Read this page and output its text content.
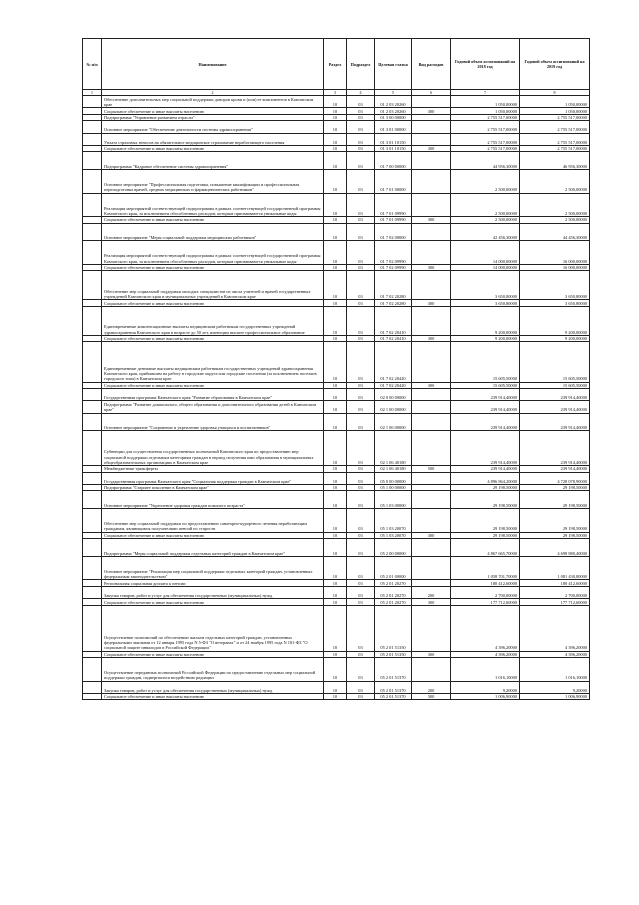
№ п/п	Наименование	Раздел	Подраздел	Целевая статья	Вид расходов	Годовой объем ассигнований на 2018 год	Годовой объем ассигнований на 2019 год
1	2	3	4	5	6	7	8
	Обеспечение дополнительных мер социальной поддержки доноров крови и (или) ее компонентов в Камчатском крае	10	03	01 2 03 20260		1 050,00000	1 050,00000
	Социальное обеспечение и иные выплаты населению	10	03	01 2 03 20260	300	1 050,00000	1 050,00000
	Подпрограмма "Управление развитием отрасли"	10	03	01 3 00 00000		2 755 517,00000	2 755 517,00000
	Основное мероприятие "Обеспечение деятельности системы здравоохранения"	10	03	01 3 01 00000		2 755 517,00000	2 755 517,00000
	Уплата страховых взносов на обязательное медицинское страхование неработающего населения	10	03	01 3 01 10150		2 755 517,00000	2 755 517,00000
	Социальное обеспечение и иные выплаты населению	10	03	01 3 01 10150	300	2 755 517,00000	2 755 517,00000
	Подпрограмма "Кадровое обеспечение системы здравоохранения"	10	03	01 7 00 00000		44 956,30000	46 956,30000
	Основное мероприятие "Профессиональная подготовка, повышение квалификации и профессиональная переподготовка врачей, средних медицинских и фармацевтических работников"	10	03	01 7 01 00000		2 500,00000	2 500,00000
	Реализация мероприятий соответствующей подпрограммы в рамках соответствующей государственной программы Камчатского края, за исключением обособленных расходов, которым присваиваются уникальные коды	10	03	01 7 01 09990		2 500,00000	2 500,00000
	Социальное обеспечение и иные выплаты населению	10	03	01 7 01 09990	300	2 500,00000	2 500,00000
	Основное мероприятие "Меры социальной поддержки медицинских работников"	10	03	01 7 02 00000		42 456,30000	44 456,30000
	Реализация мероприятий соответствующей подпрограммы в рамках соответствующей государственной программы Камчатского края, за исключением обособленных расходов, которым присваиваются уникальные коды	10	03	01 7 02 09990		14 000,00000	16 000,00000
	Социальное обеспечение и иные выплаты населению	10	03	01 7 02 09990	300	14 000,00000	16 000,00000
	Обеспечение мер социальной поддержки молодых специалистов из числа учителей и врачей государственных учреждений Камчатского края и муниципальных учреждений в Камчатском крае	10	03	01 7 02 20280		3 650,80000	3 650,80000
	Социальное обеспечение и иные выплаты населению	10	03	01 7 02 20280	300	3 650,80000	3 650,80000
	Единовременные компенсационные выплаты медицинским работникам государственных учреждений здравоохранения Камчатского края в возрасте до 50 лет, имеющим высшее профессиональное образование	10	03	01 7 02 20410		9 200,00000	9 200,00000
	Социальное обеспечение и иные выплаты населению	10	03	01 7 02 20410	300	9 200,00000	9 200,00000
	Единовременные денежные выплаты медицинским работникам государственных учреждений здравоохранения Камчатского края, прибывшим на работу в городские округа или городские поселения (за исключением поселков городского типа) в Камчатском крае	10	03	01 7 02 20420		15 605,50000	15 605,50000
	Социальное обеспечение и иные выплаты населению	10	03	01 7 02 20420	300	15 605,50000	15 605,50000
	Государственная программа Камчатского края "Развитие образования в Камчатском крае"	10	03	02 0 00 00000		239 914,40000	239 914,40000
	Подпрограмма "Развитие дошкольного, общего образования и дополнительного образования детей в Камчатском крае"	10	03	02 1 00 00000		239 914,40000	239 914,40000
	Основное мероприятие "Сохранение и укрепление здоровья учащихся и воспитанников"	10	03	02 1 06 00000		239 914,40000	239 914,40000
	Субвенции для осуществления государственных полномочий Камчатского края по предоставлению мер социальной поддержки отдельным категориям граждан в период получения ими образования в муниципальных общеобразовательных организациях в Камчатском крае	10	03	02 1 06 40180		239 914,40000	239 914,40000
	Межбюджетные трансферты	10	03	02 1 06 40180	500	239 914,40000	239 914,40000
	Государственная программа Камчатского края "Социальная поддержка граждан в Камчатском крае"	10	03	05 0 00 00000		4 896 864,20000	4 728 078,90000
	Подпрограмма "Старшее поколение в Камчатском крае"	10	03	05 1 00 00000		29 198,50000	29 198,50000
	Основное мероприятие "Укрепление здоровья граждан пожилого возраста"	10	03	05 1 03 00000		29 198,50000	29 198,50000
	Обеспечение мер социальной поддержки по предоставлению санаторно-курортного лечения неработающим гражданам, являющимся получателями пенсий по старости	10	03	05 1 03 20070		29 198,50000	29 198,50000
	Социальное обеспечение и иные выплаты населению	10	03	05 1 03 20070	300	29 198,50000	29 198,50000
	Подпрограмма "Меры социальной поддержки отдельных категорий граждан в Камчатском крае"	10	03	05 2 00 00000		4 867 665,70000	4 698 880,40000
	Основное мероприятие "Реализация мер социальной поддержки отдельных категорий граждан, установленных федеральным законодательством"	10	03	05 2 01 00000		1 058 701,70000	1 081 430,80000
	Региональная социальная доплата к пенсии	10	03	05 2 01 20270		180 412,60000	180 412,60000
	Закупка товаров, работ и услуг для обеспечения государственных (муниципальных) нужд	10	03	05 2 01 20270	200	2 700,00000	2 700,00000
	Социальное обеспечение и иные выплаты населению	10	03	05 2 01 20270	300	177 712,60000	177 712,60000
	Осуществление полномочий по обеспечению жильем отдельных категорий граждан, установленных федеральными законами от 12 января 1995 года N 5-ФЗ "О ветеранах" и от 24 ноября 1995 года N 181-ФЗ "О социальной защите инвалидов в Российской Федерации"	10	03	05 2 01 51350		4 396,20000	4 396,20000
	Социальное обеспечение и иные выплаты населению	10	03	05 2 01 51350	300	4 396,20000	4 396,20000
	Осуществление переданных полномочий Российской Федерации по предоставлению отдельных мер социальной поддержки граждан, подвергшихся воздействию радиации	10	03	05 2 01 51370		1 016,10000	1 016,10000
	Закупка товаров, работ и услуг для обеспечения государственных (муниципальных) нужд	10	03	05 2 01 51370	200	9,20000	9,20000
	Социальное обеспечение и иные выплаты населению	10	03	05 2 01 51370	300	1 006,90000	1 006,90000
